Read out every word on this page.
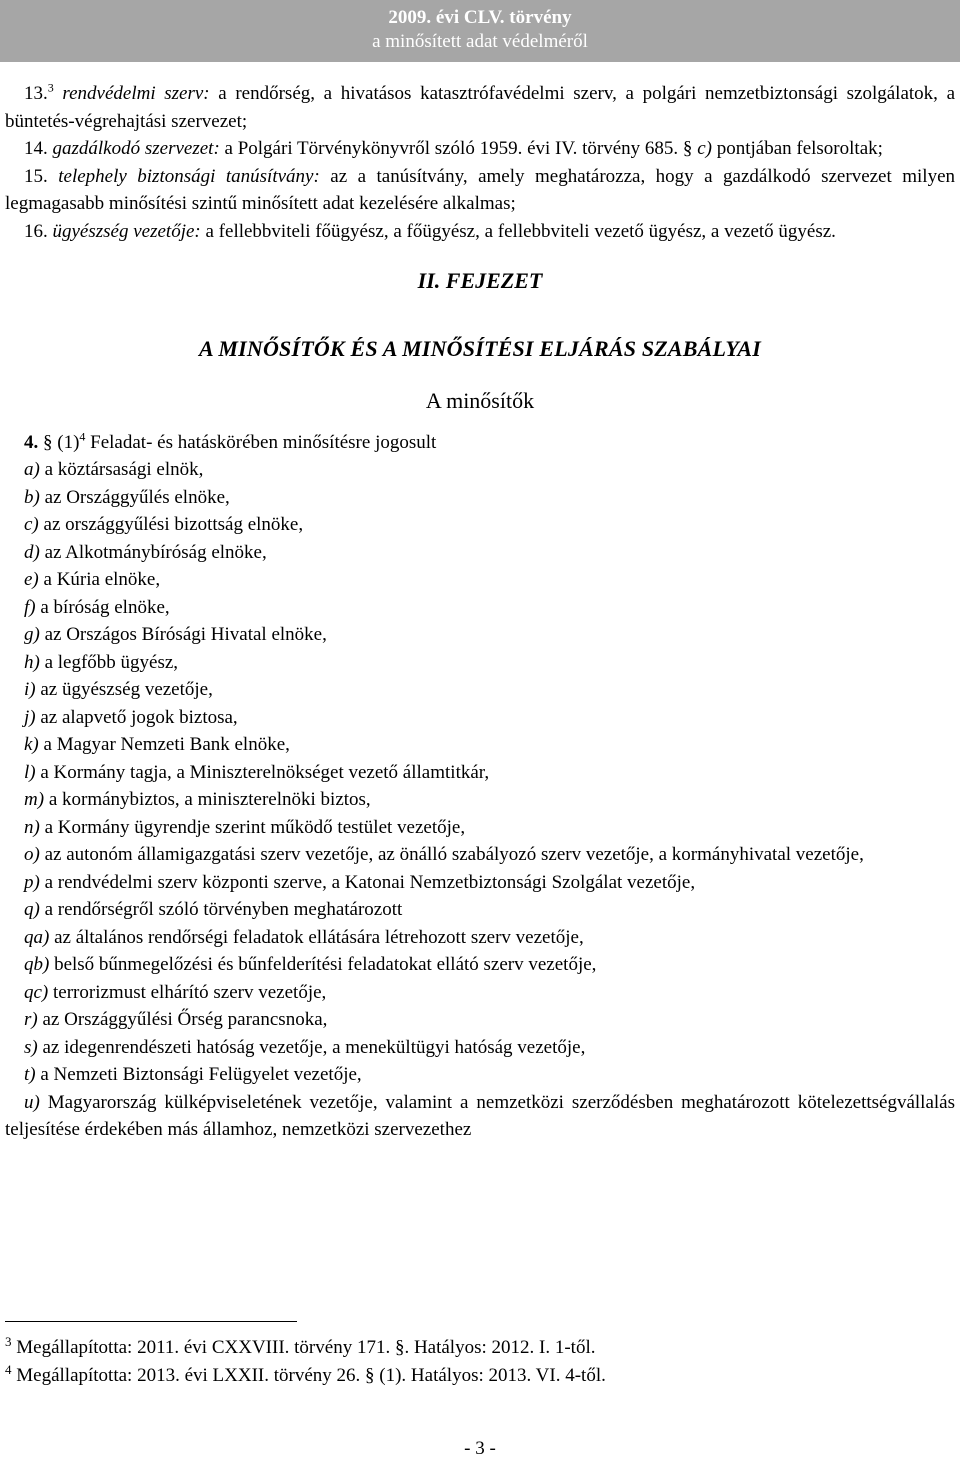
2009. évi CLV. törvény
a minősített adat védelméről

13.$^3$ rendvédelmi szerv: a rendőrség, a hivatásos katasztrófavédelmi szerv, a polgári nemzetbiztonsági szolgálatok, a büntetés-végrehajtási szervezet;

14. gazdálkodó szervezet: a Polgári Törvénykönyvről szóló 1959. évi IV. törvény 685. § c) pontjában felsoroltak;

15. telephely biztonsági tanúsítvány: az a tanúsítvány, amely meghatározza, hogy a gazdálkodó szervezet milyen legmagasabb minősítési szintű minősített adat kezelésére alkalmas;

16. ügyészség vezetője: a fellebbviteli főügyész, a főügyész, a fellebbviteli vezető ügyész, a vezető ügyész.

II. FEJEZET
A MINŐSÍTŐK ÉS A MINŐSÍTÉSI ELJÁRÁS SZABÁLYAI
A minősítők

4. § $(1)^4$ Feladat- és hatáskörében minősítésre jogosult

a) a köztársasági elnök,

b) az Országgyűlés elnöke,

c) az országgyűlési bizottság elnöke,

d) az Alkotmánybíróság elnöke,

e) a Kúria elnöke,

f) a bíróság elnöke,

g) az Országos Bírósági Hivatal elnöke,

h) a legfőbb ügyész,

i) az ügyészség vezetője,

j) az alapvető jogok biztosa,

k) a Magyar Nemzeti Bank elnöke,

l) a Kormány tagja, a Miniszterelnökséget vezető államtitkár,

m) a kormánybiztos, a miniszterelnöki biztos,

n) a Kormány ügyrendje szerint működő testület vezetője,

o) az autonóm államigazgatási szerv vezetője, az önálló szabályozó szerv vezetője, a kormányhivatal vezetője,

p) a rendvédelmi szerv központi szerve, a Katonai Nemzetbiztonsági Szolgálat vezetője,

q) a rendőrségről szóló törvényben meghatározott

qa) az általános rendőrségi feladatok ellátására létrehozott szerv vezetője,

qb) belső bűnmegelőzési és bűnfelderítési feladatokat ellátó szerv vezetője,

qc) terrorizmust elhárító szerv vezetője,

r) az Országgyűlési Őrség parancsnoka,

s) az idegenrendészeti hatóság vezetője, a menekültügyi hatóság vezetője,

t) a Nemzeti Biztonsági Felügyelet vezetője,

u) Magyarország külképviseletének vezetője, valamint a nemzetközi szerződésben meghatározott kötelezettségvállalás teljesítése érdekében más államhoz, nemzetközi szervezethez

$^3$ Megállapította: 2011. évi CXXVIII. törvény 171. §. Hatályos: 2012. I. 1-től.
$^4$ Megállapította: 2013. évi LXXII. törvény 26. § (1). Hatályos: 2013. VI. 4-től.
- 3 -
